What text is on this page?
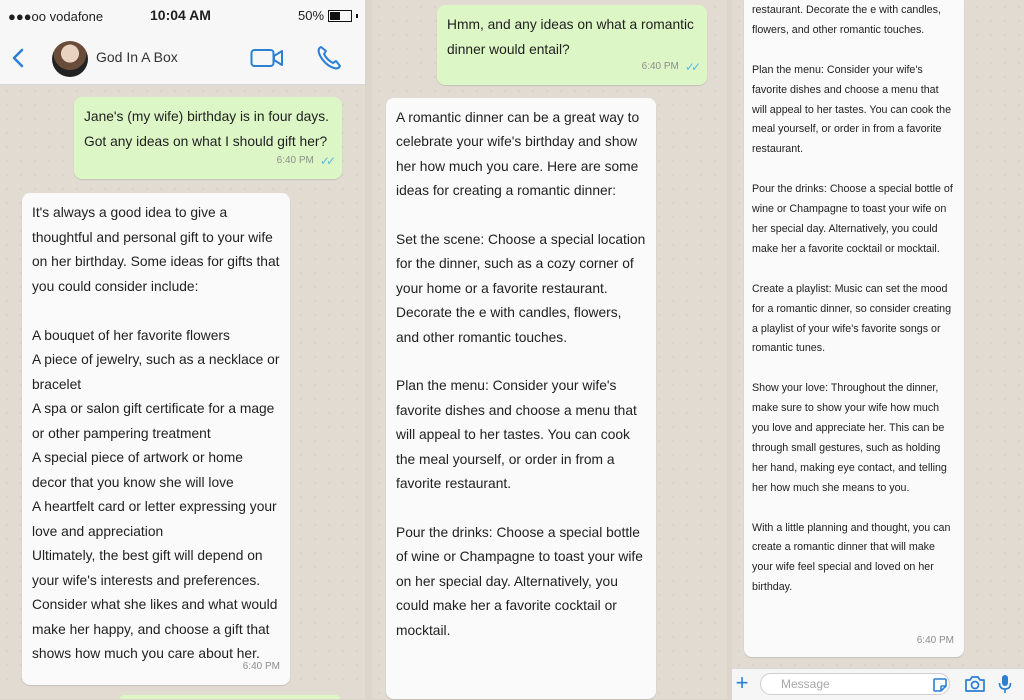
●●●oo vodafone	10:04 AM	50%
God In A Box
Jane's (my wife) birthday is in four days. Got any ideas on what I should gift her?
6:40 PM ✓✓
It's always a good idea to give a thoughtful and personal gift to your wife on her birthday. Some ideas for gifts that you could consider include:

A bouquet of her favorite flowers
A piece of jewelry, such as a necklace or bracelet
A spa or salon gift certificate for a mage or other pampering treatment
A special piece of artwork or home decor that you know she will love
A heartfelt card or letter expressing your love and appreciation
Ultimately, the best gift will depend on your wife's interests and preferences. Consider what she likes and what would make her happy, and choose a gift that shows how much you care about her.
6:40 PM
Hmm, and any ideas on what a romantic dinner would entail?
6:40 PM ✓✓
A romantic dinner can be a great way to celebrate your wife's birthday and show her how much you care. Here are some ideas for creating a romantic dinner:

Set the scene: Choose a special location for the dinner, such as a cozy corner of your home or a favorite restaurant. Decorate the e with candles, flowers, and other romantic touches.

Plan the menu: Consider your wife's favorite dishes and choose a menu that will appeal to her tastes. You can cook the meal yourself, or order in from a favorite restaurant.

Pour the drinks: Choose a special bottle of wine or Champagne to toast your wife on her special day. Alternatively, you could make her a favorite cocktail or mocktail.
restaurant. Decorate the e with candles, flowers, and other romantic touches.

Plan the menu: Consider your wife's favorite dishes and choose a menu that will appeal to her tastes. You can cook the meal yourself, or order in from a favorite restaurant.

Pour the drinks: Choose a special bottle of wine or Champagne to toast your wife on her special day. Alternatively, you could make her a favorite cocktail or mocktail.

Create a playlist: Music can set the mood for a romantic dinner, so consider creating a playlist of your wife's favorite songs or romantic tunes.

Show your love: Throughout the dinner, make sure to show your wife how much you love and appreciate her. This can be through small gestures, such as holding her hand, making eye contact, and telling her how much she means to you.

With a little planning and thought, you can create a romantic dinner that will make your wife feel special and loved on her birthday.
6:40 PM
+	Message
